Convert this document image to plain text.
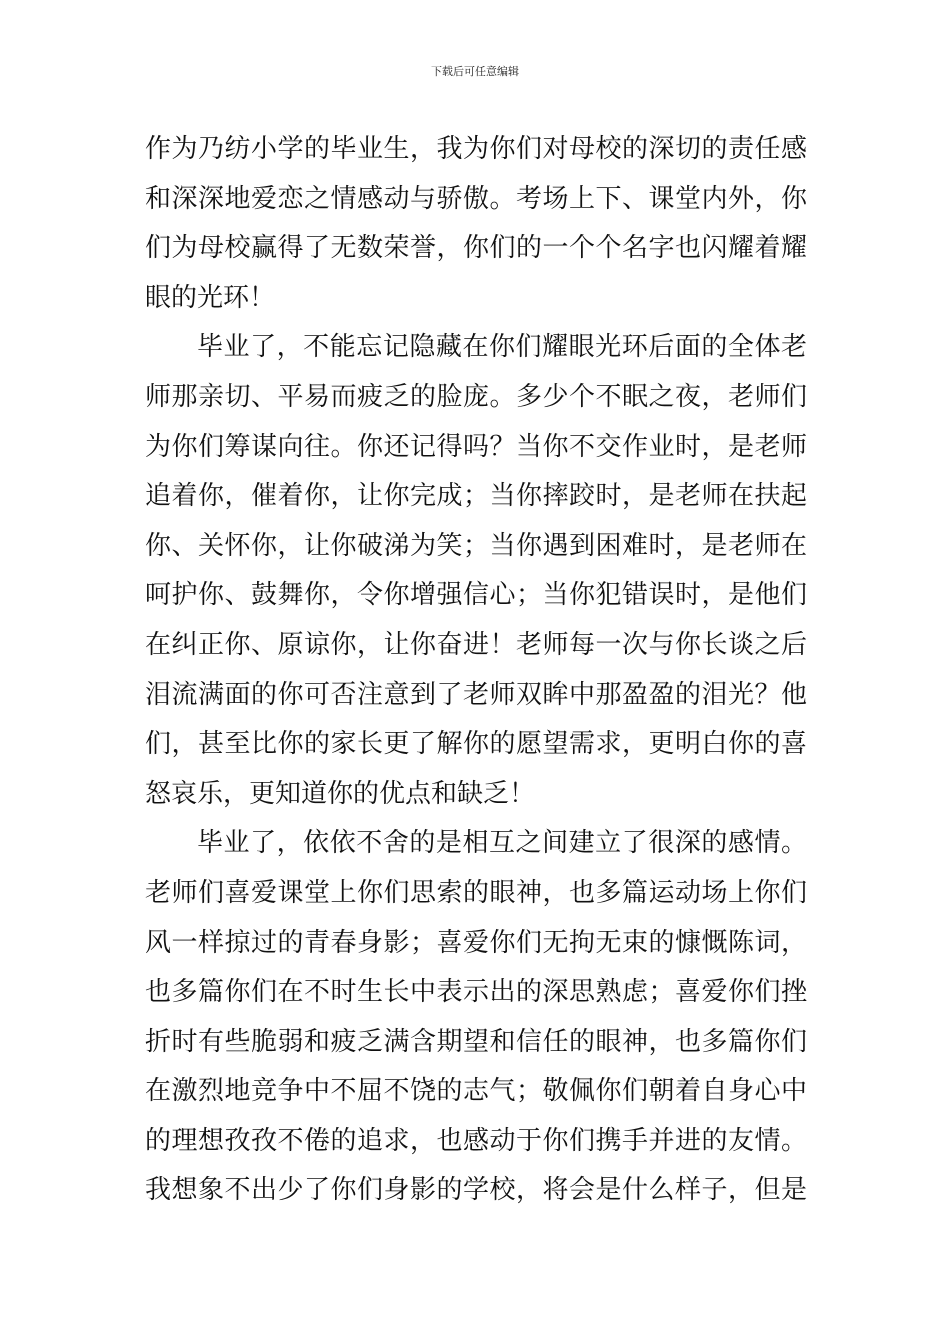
下载后可任意编辑
作为乃纺小学的毕业生，我为你们对母校的深切的责任感
和深深地爱恋之情感动与骄傲。考场上下、课堂内外，你
们为母校赢得了无数荣誉，你们的一个个名字也闪耀着耀
眼的光环！
毕业了，不能忘记隐藏在你们耀眼光环后面的全体老
师那亲切、平易而疲乏的脸庞。多少个不眠之夜，老师们
为你们筹谋向往。你还记得吗？当你不交作业时，是老师
追着你，催着你，让你完成；当你摔跤时，是老师在扶起
你、关怀你，让你破涕为笑；当你遇到困难时，是老师在
呵护你、鼓舞你，令你增强信心；当你犯错误时，是他们
在纠正你、原谅你，让你奋进！老师每一次与你长谈之后
泪流满面的你可否注意到了老师双眸中那盈盈的泪光？他
们，甚至比你的家长更了解你的愿望需求，更明白你的喜
怒哀乐，更知道你的优点和缺乏！
毕业了，依依不舍的是相互之间建立了很深的感情。
老师们喜爱课堂上你们思索的眼神，也多篇运动场上你们
风一样掠过的青春身影；喜爱你们无拘无束的慷慨陈词，
也多篇你们在不时生长中表示出的深思熟虑；喜爱你们挫
折时有些脆弱和疲乏满含期望和信任的眼神，也多篇你们
在激烈地竞争中不屈不饶的志气；敬佩你们朝着自身心中
的理想孜孜不倦的追求，也感动于你们携手并进的友情。
我想象不出少了你们身影的学校，将会是什么样子，但是
